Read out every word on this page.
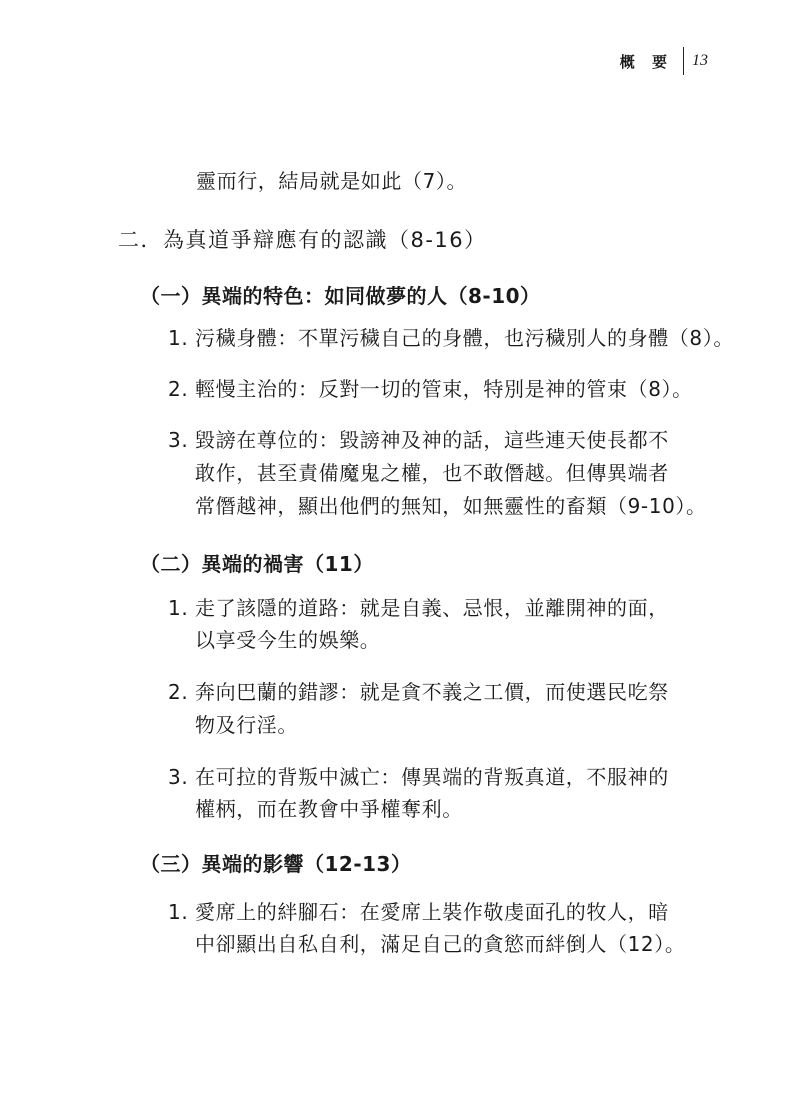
概 要 13
靈而行，結局就是如此（7）。
二．為真道爭辯應有的認識（8-16）
（一）異端的特色：如同做夢的人（8-10）
1. 污穢身體：不單污穢自己的身體，也污穢別人的身體（8）。
2. 輕慢主治的：反對一切的管束，特別是神的管束（8）。
3. 毀謗在尊位的：毀謗神及神的話，這些連天使長都不
敢作，甚至責備魔鬼之權，也不敢僭越。但傳異端者
常僭越神，顯出他們的無知，如無靈性的畜類（9-10）。
（二）異端的禍害（11）
1. 走了該隱的道路：就是自義、忌恨，並離開神的面，
以享受今生的娛樂。
2. 奔向巴蘭的錯謬：就是貪不義之工價，而使選民吃祭
物及行淫。
3. 在可拉的背叛中滅亡：傳異端的背叛真道，不服神的
權柄，而在教會中爭權奪利。
（三）異端的影響（12-13）
1. 愛席上的絆腳石：在愛席上裝作敬虔面孔的牧人，暗
中卻顯出自私自利，滿足自己的貪慾而絆倒人（12）。
